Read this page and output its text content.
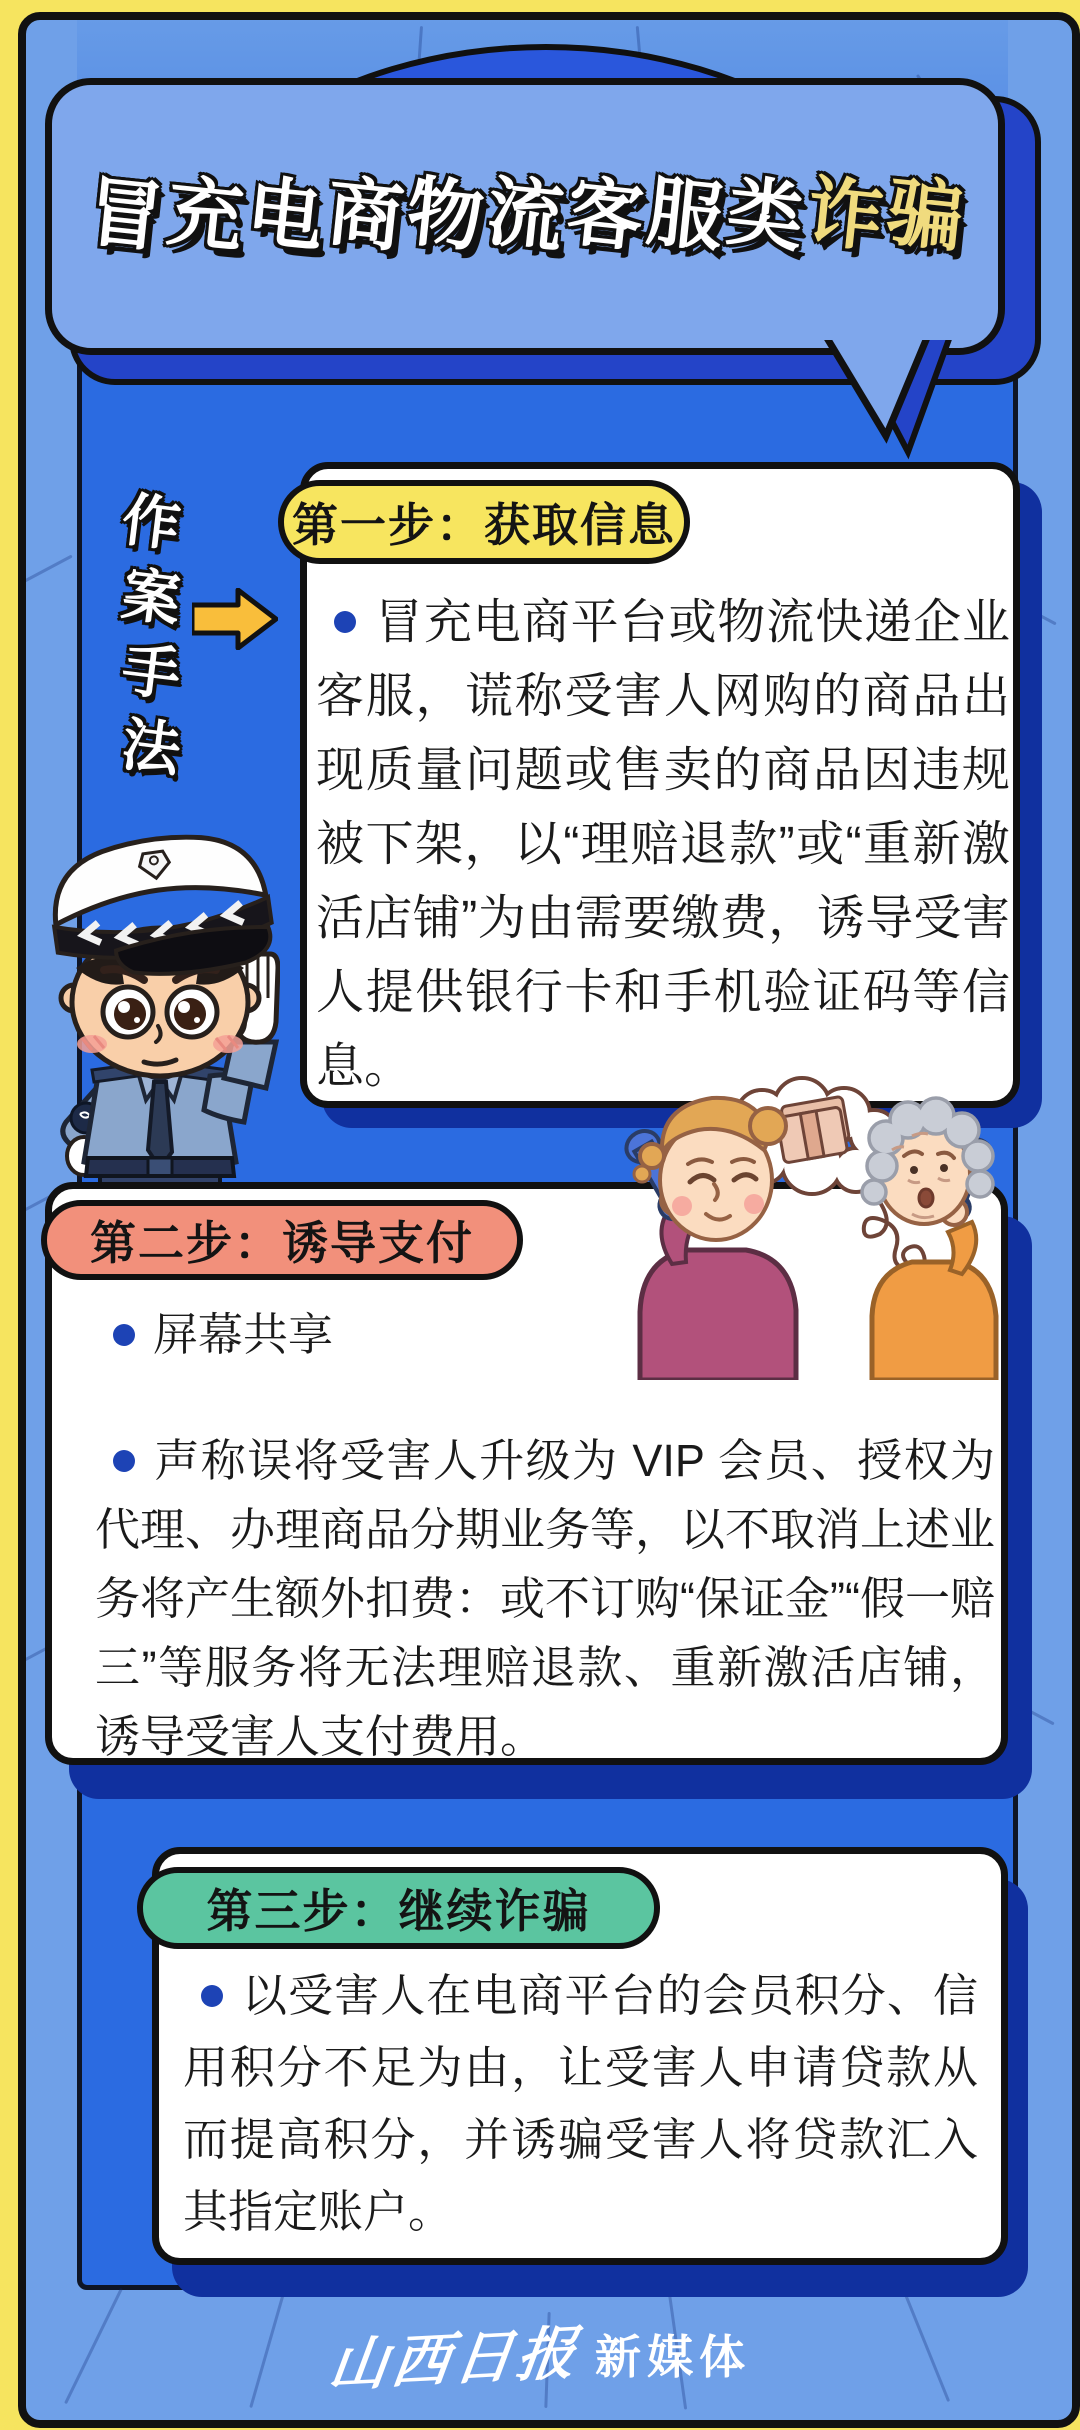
冒充电商物流客服类诈骗
作
案
手
法
第一步：获取信息

冒充电商平台或物流快递企业客服，谎称受害人网购的商品出现质量问题或售卖的商品因违规被下架，以“理赔退款”或“重新激活店铺”为由需要缴费，诱导受害人提供银行卡和手机验证码等信息。

第二步：诱导支付

屏幕共享

声称误将受害人升级为 VIP 会员、授权为代理、办理商品分期业务等，以不取消上述业务将产生额外扣费：或不订购“保证金”“假一赔三”等服务将无法理赔退款、重新激活店铺，诱导受害人支付费用。

第三步：继续诈骗

以受害人在电商平台的会员积分、信用积分不足为由，让受害人申请贷款从而提高积分，并诱骗受害人将贷款汇入其指定账户。

山西日报 新媒体
